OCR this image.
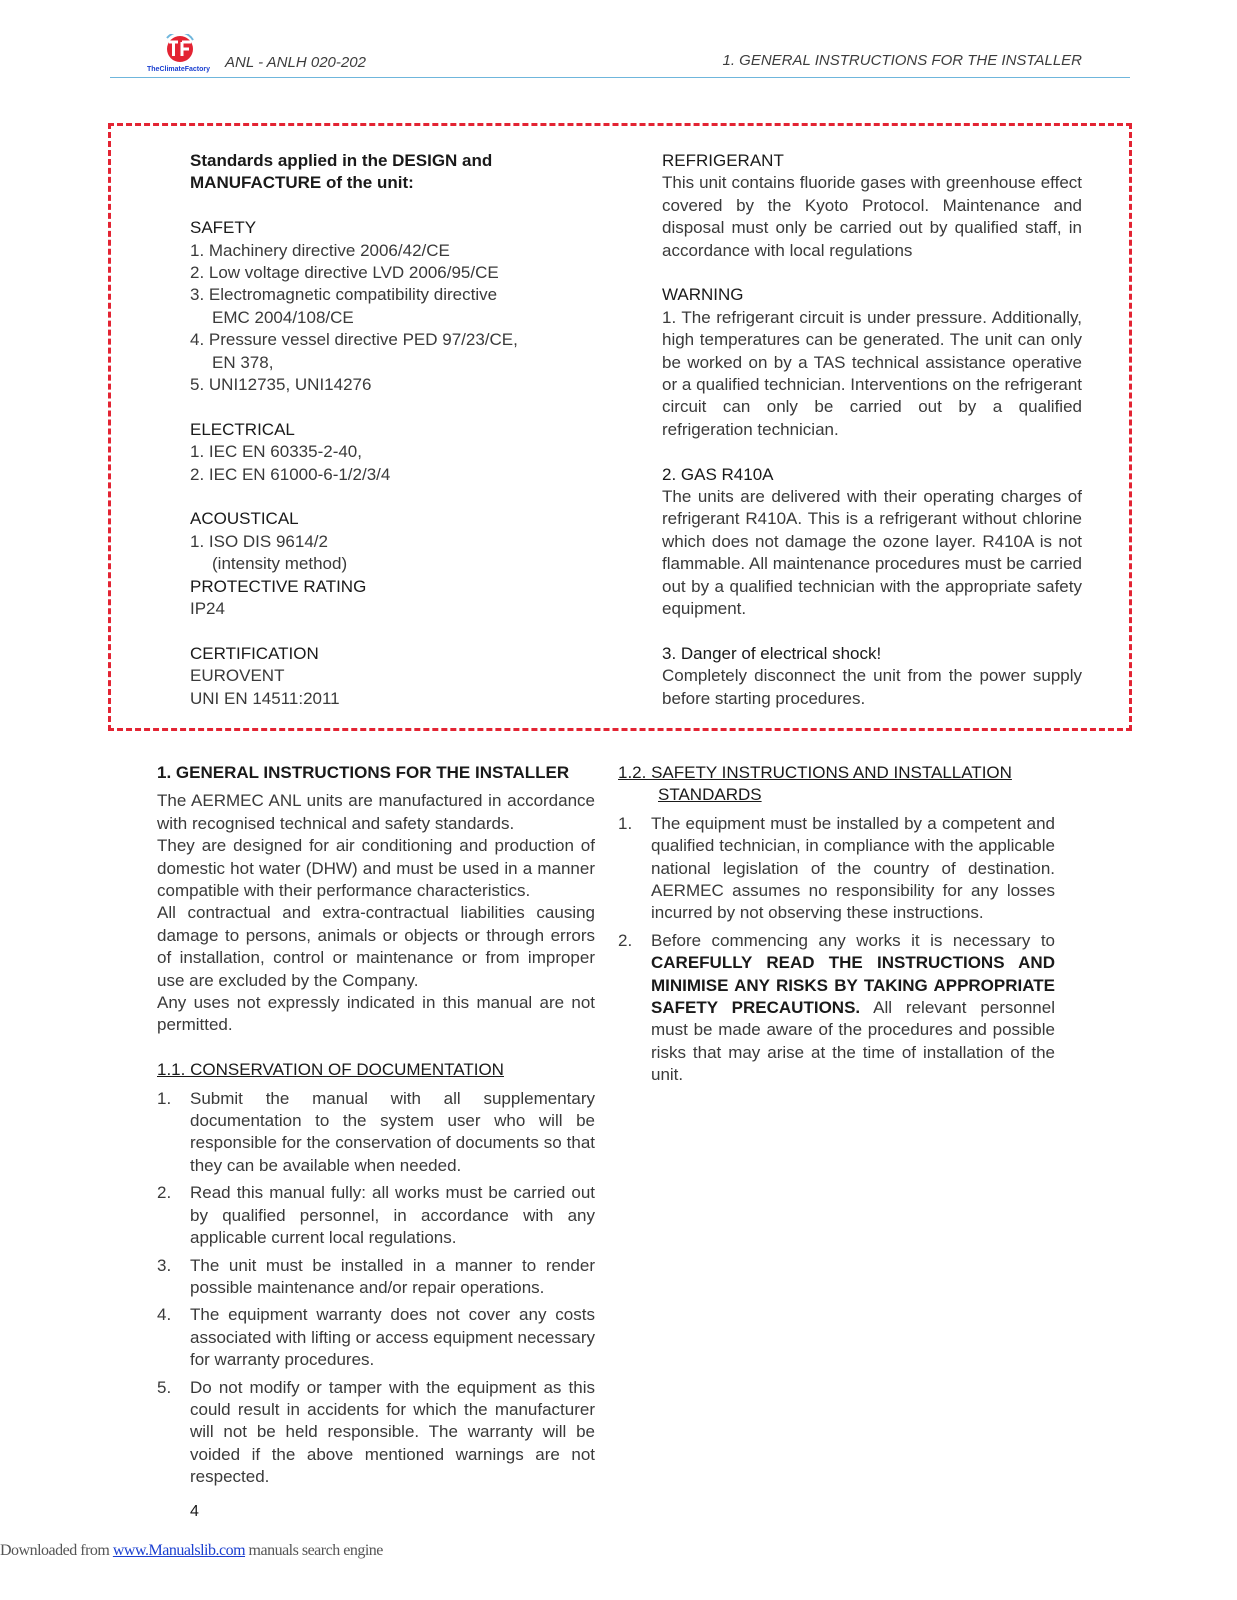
TheClimateFactory ANL - ANLH 020-202	1. GENERAL INSTRUCTIONS FOR THE INSTALLER
Standards applied in the DESIGN and
MANUFACTURE of the unit:
SAFETY
1. Machinery directive 2006/42/CE
2. Low voltage directive LVD 2006/95/CE
3. Electromagnetic compatibility directive
EMC 2004/108/CE
4. Pressure vessel directive PED 97/23/CE,
EN 378,
5. UNI12735, UNI14276
ELECTRICAL
1. IEC EN 60335-2-40,
2. IEC EN 61000-6-1/2/3/4
ACOUSTICAL
1. ISO DIS 9614/2
(intensity method)
PROTECTIVE RATING
IP24
CERTIFICATION
EUROVENT
UNI EN 14511:2011
REFRIGERANT
This unit contains fluoride gases with greenhouse effect covered by the Kyoto Protocol. Maintenance and disposal must only be carried out by qualified staff, in accordance with local regulations
WARNING
1. The refrigerant circuit is under pressure. Additionally, high temperatures can be generated. The unit can only be worked on by a TAS technical assistance operative or a qualified technician. Interventions on the refrigerant circuit can only be carried out by a qualified refrigeration technician.
2. GAS R410A
The units are delivered with their operating charges of refrigerant R410A. This is a refrigerant without chlorine which does not damage the ozone layer. R410A is not flammable. All maintenance procedures must be carried out by a qualified technician with the appropriate safety equipment.
3. Danger of electrical shock!
Completely disconnect the unit from the power supply before starting procedures.
1. GENERAL INSTRUCTIONS FOR THE INSTALLER
The AERMEC ANL units are manufactured in accordance with recognised technical and safety standards.
They are designed for air conditioning and production of domestic hot water (DHW) and must be used in a manner compatible with their performance characteristics.
All contractual and extra-contractual liabilities causing damage to persons, animals or objects or through errors of installation, control or maintenance or from improper use are excluded by the Company.
Any uses not expressly indicated in this manual are not permitted.
1.1. CONSERVATION OF DOCUMENTATION
1. Submit the manual with all supplementary documentation to the system user who will be responsible for the conservation of documents so that they can be available when needed.
2. Read this manual fully: all works must be carried out by qualified personnel, in accordance with any applicable current local regulations.
3. The unit must be installed in a manner to render possible maintenance and/or repair operations.
4. The equipment warranty does not cover any costs associated with lifting or access equipment necessary for warranty procedures.
5. Do not modify or tamper with the equipment as this could result in accidents for which the manufacturer will not be held responsible. The warranty will be voided if the above mentioned warnings are not respected.
1.2. SAFETY INSTRUCTIONS AND INSTALLATION
STANDARDS
1. The equipment must be installed by a competent and qualified technician, in compliance with the applicable national legislation of the country of destination. AERMEC assumes no responsibility for any losses incurred by not observing these instructions.
2. Before commencing any works it is necessary to CAREFULLY READ THE INSTRUCTIONS AND MINIMISE ANY RISKS BY TAKING APPROPRIATE SAFETY PRECAUTIONS. All relevant personnel must be made aware of the procedures and possible risks that may arise at the time of installation of the unit.
4
Downloaded from www.Manualslib.com manuals search engine
